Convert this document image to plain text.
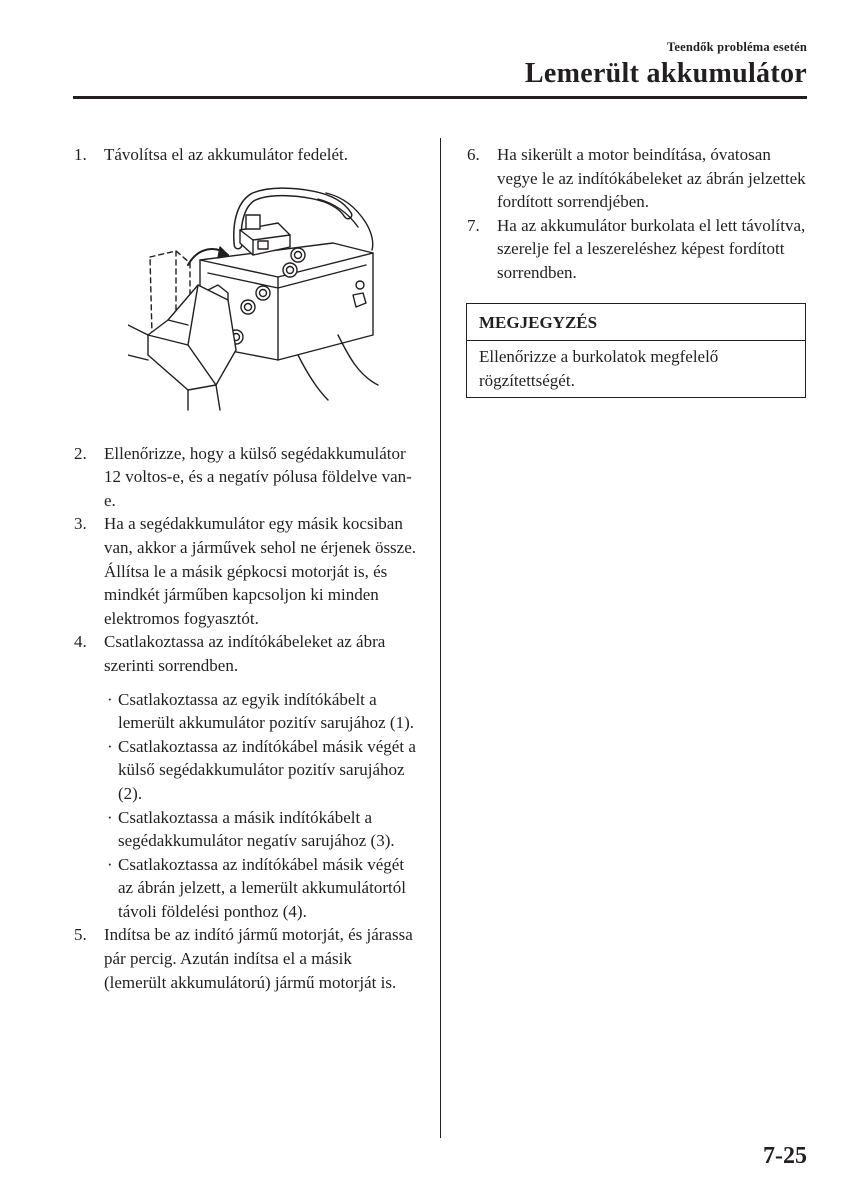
Teendők probléma esetén
Lemerült akkumulátor
1.	Távolítsa el az akkumulátor fedelét.
2.	Ellenőrizze, hogy a külső segédakkumulátor 12 voltos-e, és a negatív pólusa földelve van-e.
3.	Ha a segédakkumulátor egy másik kocsiban van, akkor a járművek sehol ne érjenek össze. Állítsa le a másik gépkocsi motorját is, és mindkét járműben kapcsoljon ki minden elektromos fogyasztót.
4.	Csatlakoztassa az indítókábeleket az ábra szerinti sorrendben.
· Csatlakoztassa az egyik indítókábelt a lemerült akkumulátor pozitív sarujához (1).
· Csatlakoztassa az indítókábel másik végét a külső segédakkumulátor pozitív sarujához (2).
· Csatlakoztassa a másik indítókábelt a segédakkumulátor negatív sarujához (3).
· Csatlakoztassa az indítókábel másik végét az ábrán jelzett, a lemerült akkumulátortól távoli földelési ponthoz (4).
5.	Indítsa be az indító jármű motorját, és járassa pár percig. Azután indítsa el a másik (lemerült akkumulátorú) jármű motorját is.
6.	Ha sikerült a motor beindítása, óvatosan vegye le az indítókábeleket az ábrán jelzettek fordított sorrendjében.
7.	Ha az akkumulátor burkolata el lett távolítva, szerelje fel a leszereléshez képest fordított sorrendben.
MEGJEGYZÉS
Ellenőrizze a burkolatok megfelelő rögzítettségét.
7-25
